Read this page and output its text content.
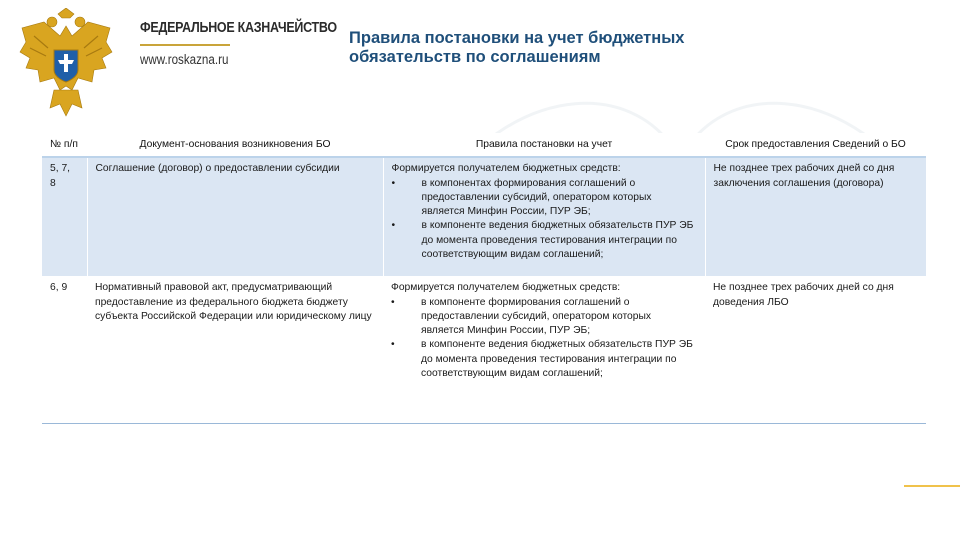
ФЕДЕРАЛЬНОЕ КАЗНАЧЕЙСТВО
www.roskazna.ru
Правила постановки на учет бюджетных обязательств по соглашениям
№ п/п	Документ-основания возникновения БО	Правила постановки на учет	Срок предоставления Сведений о БО
5, 7, 8	Соглашение (договор) о предоставлении субсидии	Формируется получателем бюджетных средств:
• в компонентах формирования соглашений о предоставлении субсидий, оператором которых является Минфин России, ПУР ЭБ;
• в компоненте ведения бюджетных обязательств ПУР ЭБ до момента проведения тестирования интеграции по соответствующим видам соглашений;	Не позднее трех рабочих дней со дня заключения соглашения (договора)
6, 9	Нормативный правовой акт, предусматривающий предоставление из федерального бюджета бюджету субъекта Российской Федерации или юридическому лицу	Формируется получателем бюджетных средств:
• в компоненте формирования соглашений о предоставлении субсидий, оператором которых является Минфин России, ПУР ЭБ;
• в компоненте ведения бюджетных обязательств ПУР ЭБ до момента проведения тестирования интеграции по соответствующим видам соглашений;	Не позднее трех рабочих дней со дня доведения ЛБО
